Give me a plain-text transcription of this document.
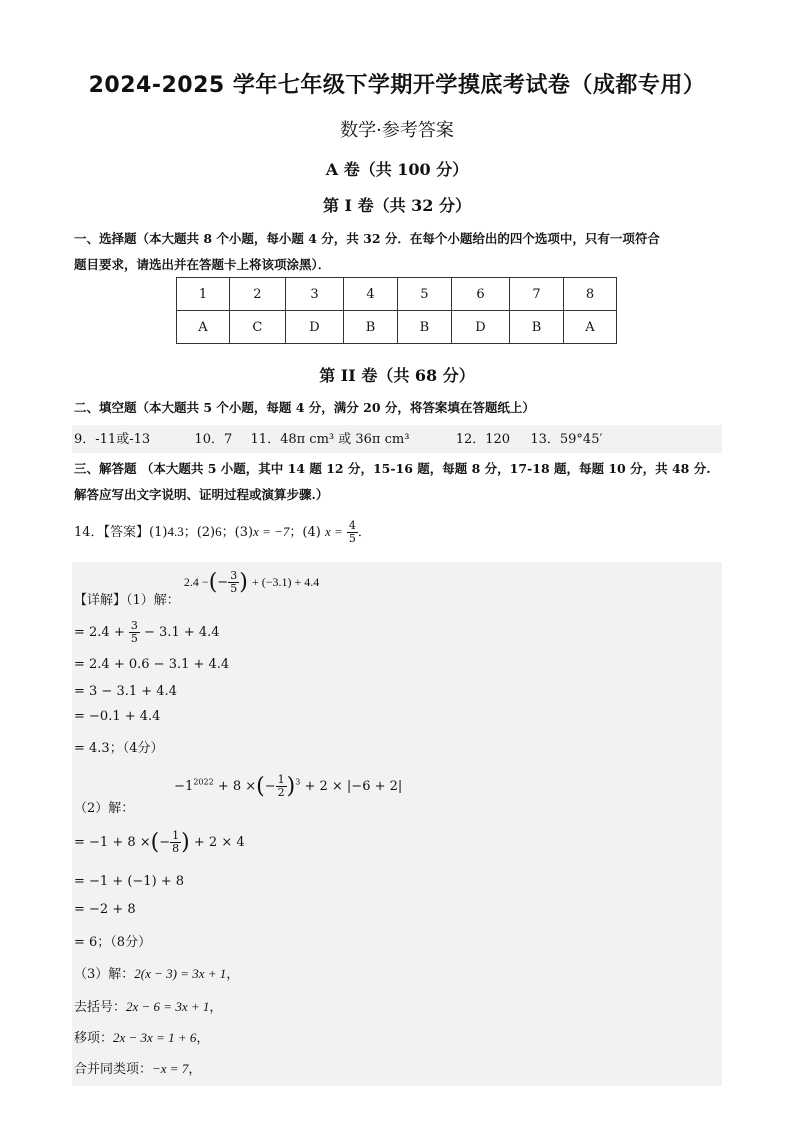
2024-2025 学年七年级下学期开学摸底考试卷（成都专用）
数学·参考答案
A 卷（共 100 分）
第 I 卷（共 32 分）
一、选择题（本大题共 8 个小题，每小题 4 分，共 32 分．在每个小题给出的四个选项中，只有一项符合
题目要求，请选出并在答题卡上将该项涂黑）．
1	2	3	4	5	6	7	8
A	C	D	B	B	D	B	A
第 II 卷（共 68 分）
二、填空题（本大题共 5 个小题，每题 4 分，满分 20 分，将答案填在答题纸上）
9．-11或-13	10．7 11．48π cm³ 或 36π cm³	12．120 13．59°45′
三、解答题 （本大题共 5 小题，其中 14 题 12 分，15-16 题，每题 8 分，17-18 题，每题 10 分，共 48 分.
解答应写出文字说明、证明过程或演算步骤.）
14．【答案】(1)4.3；(2)6；(3)x = −7；(4) $x = \frac{4}{5}$ ．
【详解】（1）解： 2.4 −(− $\frac{3}{5}$ ) + (−3.1) + 4.4
= $2.4 + \frac{3}{5} - 3.1 + 4.4$
= 2.4 + 0.6 − 3.1 + 4.4
= 3 − 3.1 + 4.4
= −0.1 + 4.4
= 4.3；（4分）
$-1^{2022} + 8$ ×(− $\frac{1}{2} )^3 + 2 \times |-6 + 2|$
（2）解：
= −1 + 8 ×(− $\frac{1}{8}$ ) + 2 × 4
= −1 + (−1) + 8
= −2 + 8
= 6；（8分）
（3）解：2(x − 3) = 3x + 1，
去括号：2x − 6 = 3x + 1，
移项：2x − 3x = 1 + 6，
合并同类项：−x = 7，
